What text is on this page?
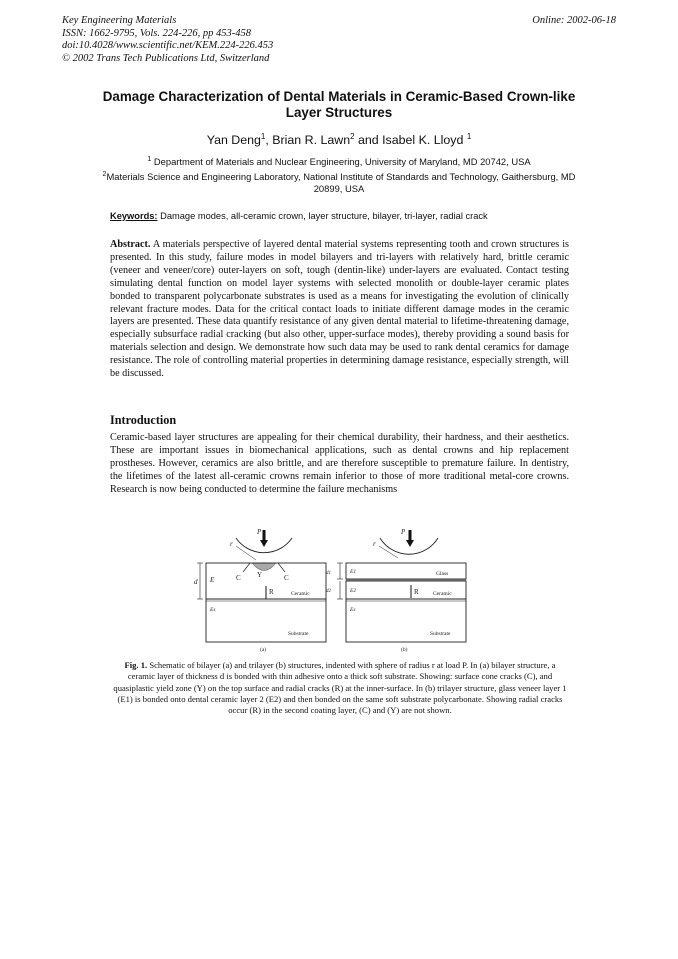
Key Engineering Materials
ISSN: 1662-9795, Vols. 224-226, pp 453-458
doi:10.4028/www.scientific.net/KEM.224-226.453
© 2002 Trans Tech Publications Ltd, Switzerland
Online: 2002-06-18
Damage Characterization of Dental Materials in Ceramic-Based Crown-like Layer Structures
Yan Deng$^1$, Brian R. Lawn$^2$ and Isabel K. Lloyd $^1$
$^1$ Department of Materials and Nuclear Engineering, University of Maryland, MD 20742, USA
$^2$Materials Science and Engineering Laboratory, National Institute of Standards and Technology, Gaithersburg, MD 20899, USA
Keywords: Damage modes, all-ceramic crown, layer structure, bilayer, tri-layer, radial crack
Abstract. A materials perspective of layered dental material systems representing tooth and crown structures is presented. In this study, failure modes in model bilayers and tri-layers with relatively hard, brittle ceramic (veneer and veneer/core) outer-layers on soft, tough (dentin-like) under-layers are evaluated. Contact testing simulating dental function on model layer systems with selected monolith or double-layer ceramic plates bonded to transparent polycarbonate substrates is used as a means for investigating the evolution of clinically relevant fracture modes. Data for the critical contact loads to initiate different damage modes in the ceramic layers are presented. These data quantify resistance of any given dental material to lifetime-threatening damage, especially subsurface radial cracking (but also other, upper-surface modes), thereby providing a sound basis for materials selection and design. We demonstrate how such data may be used to rank dental ceramics for damage resistance. The role of controlling material properties in determining damage resistance, especially strength, will be discussed.
Introduction
Ceramic-based layer structures are appealing for their chemical durability, their hardness, and their aesthetics. These are important issues in biomechanical applications, such as dental crowns and hip replacement prostheses. However, ceramics are also brittle, and are therefore susceptible to premature failure. In dentistry, the lifetimes of the latest all-ceramic crowns remain inferior to those of more traditional metal-core crowns. Research is now being conducted to determine the failure mechanisms
P
r
d E	C Y	C
R	Ceramic
Es
Substrate
(a)
P
r
d1
d2
E1	Glass
E2	R	Ceramic
Es
Substrate
(b)
Fig. 1. Schematic of bilayer (a) and trilayer (b) structures, indented with sphere of radius r at load P. In (a) bilayer structure, a ceramic layer of thickness d is bonded with thin adhesive onto a thick soft substrate. Showing: surface cone cracks (C), and quasiplastic yield zone (Y) on the top surface and radial cracks (R) at the inner-surface. In (b) trilayer structure, glass veneer layer 1 (E1) is bonded onto dental ceramic layer 2 (E2) and then bonded on the same soft substrate polycarbonate. Showing radial cracks occur (R) in the second coating layer, (C) and (Y) are not shown.
